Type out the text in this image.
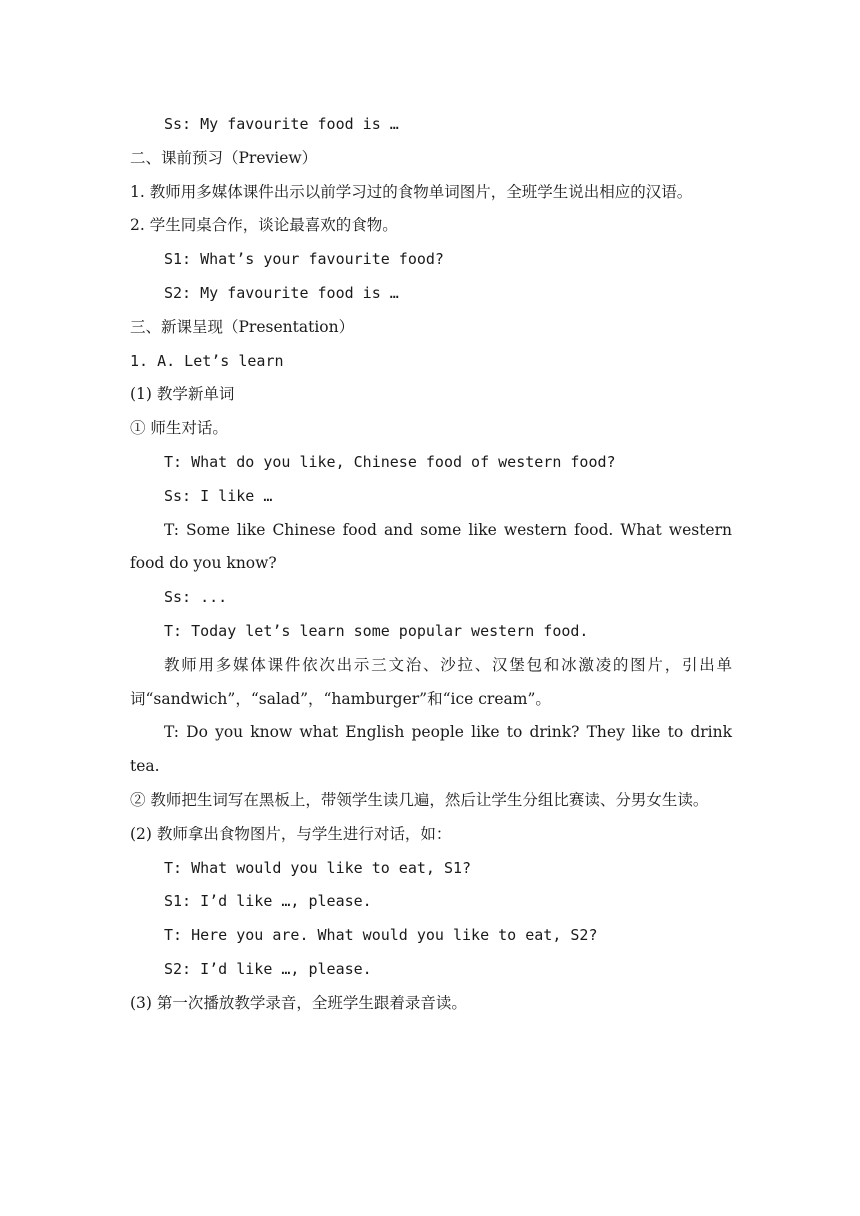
Ss: My favourite food is …
二、课前预习（Preview）
1. 教师用多媒体课件出示以前学习过的食物单词图片，全班学生说出相应的汉语。
2. 学生同桌合作，谈论最喜欢的食物。
S1: What’s your favourite food?
S2: My favourite food is …
三、新课呈现（Presentation）
1. A. Let’s learn
(1) 教学新单词
① 师生对话。
T: What do you like, Chinese food of western food?
Ss: I like …
T: Some like Chinese food and some like western food. What western food do you know?
Ss: ...
T: Today let’s learn some popular western food.
教师用多媒体课件依次出示三文治、沙拉、汉堡包和冰激凌的图片，引出单词“sandwich”，“salad”，“hamburger”和“ice cream”。
T: Do you know what English people like to drink? They like to drink tea.
② 教师把生词写在黑板上，带领学生读几遍，然后让学生分组比赛读、分男女生读。
(2) 教师拿出食物图片，与学生进行对话，如：
T: What would you like to eat, S1?
S1: I’d like …, please.
T: Here you are. What would you like to eat, S2?
S2: I’d like …, please.
(3) 第一次播放教学录音，全班学生跟着录音读。
